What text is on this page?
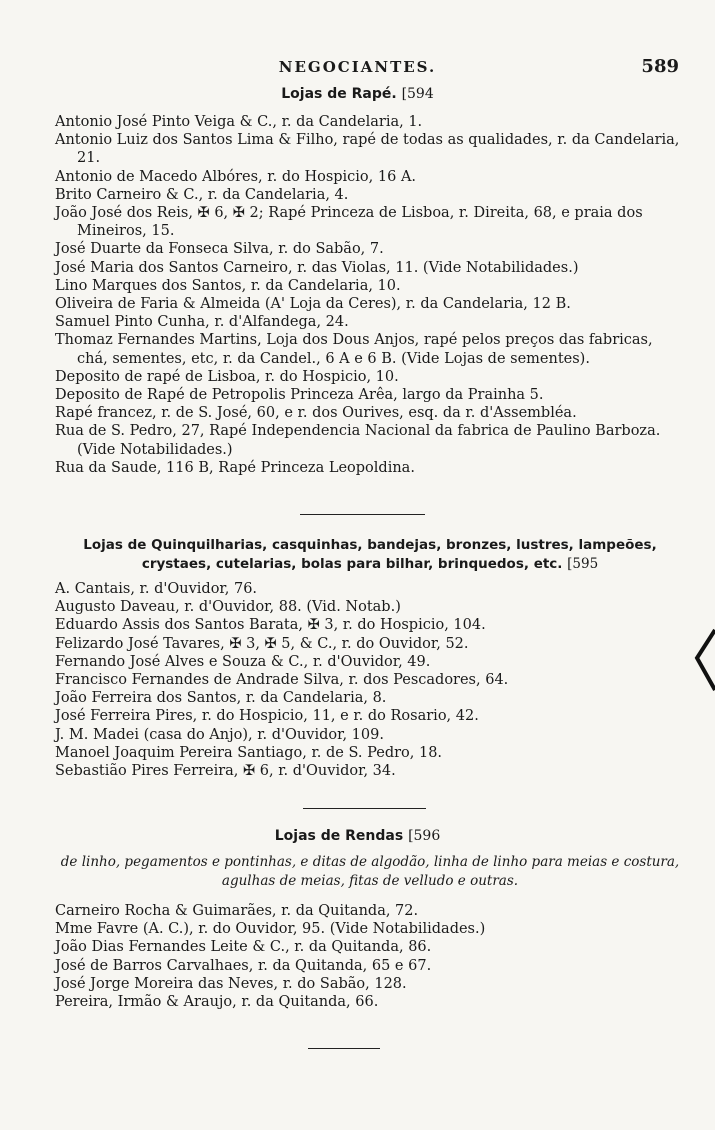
NEGOCIANTES.	589
Lojas de Rapé. [594
Antonio José Pinto Veiga & C., r. da Candelaria, 1.
Antonio Luiz dos Santos Lima & Filho, rapé de todas as qualidades, r. da Candelaria, 21.
Antonio de Macedo Albóres, r. do Hospicio, 16 A.
Brito Carneiro & C., r. da Candelaria, 4.
João José dos Reis, ✠ 6, ✠ 2; Rapé Princeza de Lisboa, r. Direita, 68, e praia dos Mineiros, 15.
José Duarte da Fonseca Silva, r. do Sabão, 7.
José Maria dos Santos Carneiro, r. das Violas, 11. (Vide Notabilidades.)
Lino Marques dos Santos, r. da Candelaria, 10.
Oliveira de Faria & Almeida (A' Loja da Ceres), r. da Candelaria, 12 B.
Samuel Pinto Cunha, r. d'Alfandega, 24.
Thomaz Fernandes Martins, Loja dos Dous Anjos, rapé pelos preços das fabricas, chá, sementes, etc, r. da Candel., 6 A e 6 B. (Vide Lojas de sementes).
Deposito de rapé de Lisboa, r. do Hospicio, 10.
Deposito de Rapé de Petropolis Princeza Arêa, largo da Prainha 5.
Rapé francez, r. de S. José, 60, e r. dos Ourives, esq. da r. d'Assembléa.
Rua de S. Pedro, 27, Rapé Independencia Nacional da fabrica de Paulino Barboza. (Vide Notabilidades.)
Rua da Saude, 116 B, Rapé Princeza Leopoldina.
Lojas de Quinquilharias, casquinhas, bandejas, bronzes, lustres, lampeões, crystaes, cutelarias, bolas para bilhar, brinquedos, etc. [595
A. Cantais, r. d'Ouvidor, 76.
Augusto Daveau, r. d'Ouvidor, 88. (Vid. Notab.)
Eduardo Assis dos Santos Barata, ✠ 3, r. do Hospicio, 104.
Felizardo José Tavares, ✠ 3, ✠ 5, & C., r. do Ouvidor, 52.
Fernando José Alves e Souza & C., r. d'Ouvidor, 49.
Francisco Fernandes de Andrade Silva, r. dos Pescadores, 64.
João Ferreira dos Santos, r. da Candelaria, 8.
José Ferreira Pires, r. do Hospicio, 11, e r. do Rosario, 42.
J. M. Madei (casa do Anjo), r. d'Ouvidor, 109.
Manoel Joaquim Pereira Santiago, r. de S. Pedro, 18.
Sebastião Pires Ferreira, ✠ 6, r. d'Ouvidor, 34.
Lojas de Rendas [596
de linho, pegamentos e pontinhas, e ditas de algodão, linha de linho para meias e costura, agulhas de meias, fitas de velludo e outras.
Carneiro Rocha & Guimarães, r. da Quitanda, 72.
Mme Favre (A. C.), r. do Ouvidor, 95. (Vide Notabilidades.)
João Dias Fernandes Leite & C., r. da Quitanda, 86.
José de Barros Carvalhaes, r. da Quitanda, 65 e 67.
José Jorge Moreira das Neves, r. do Sabão, 128.
Pereira, Irmão & Araujo, r. da Quitanda, 66.
